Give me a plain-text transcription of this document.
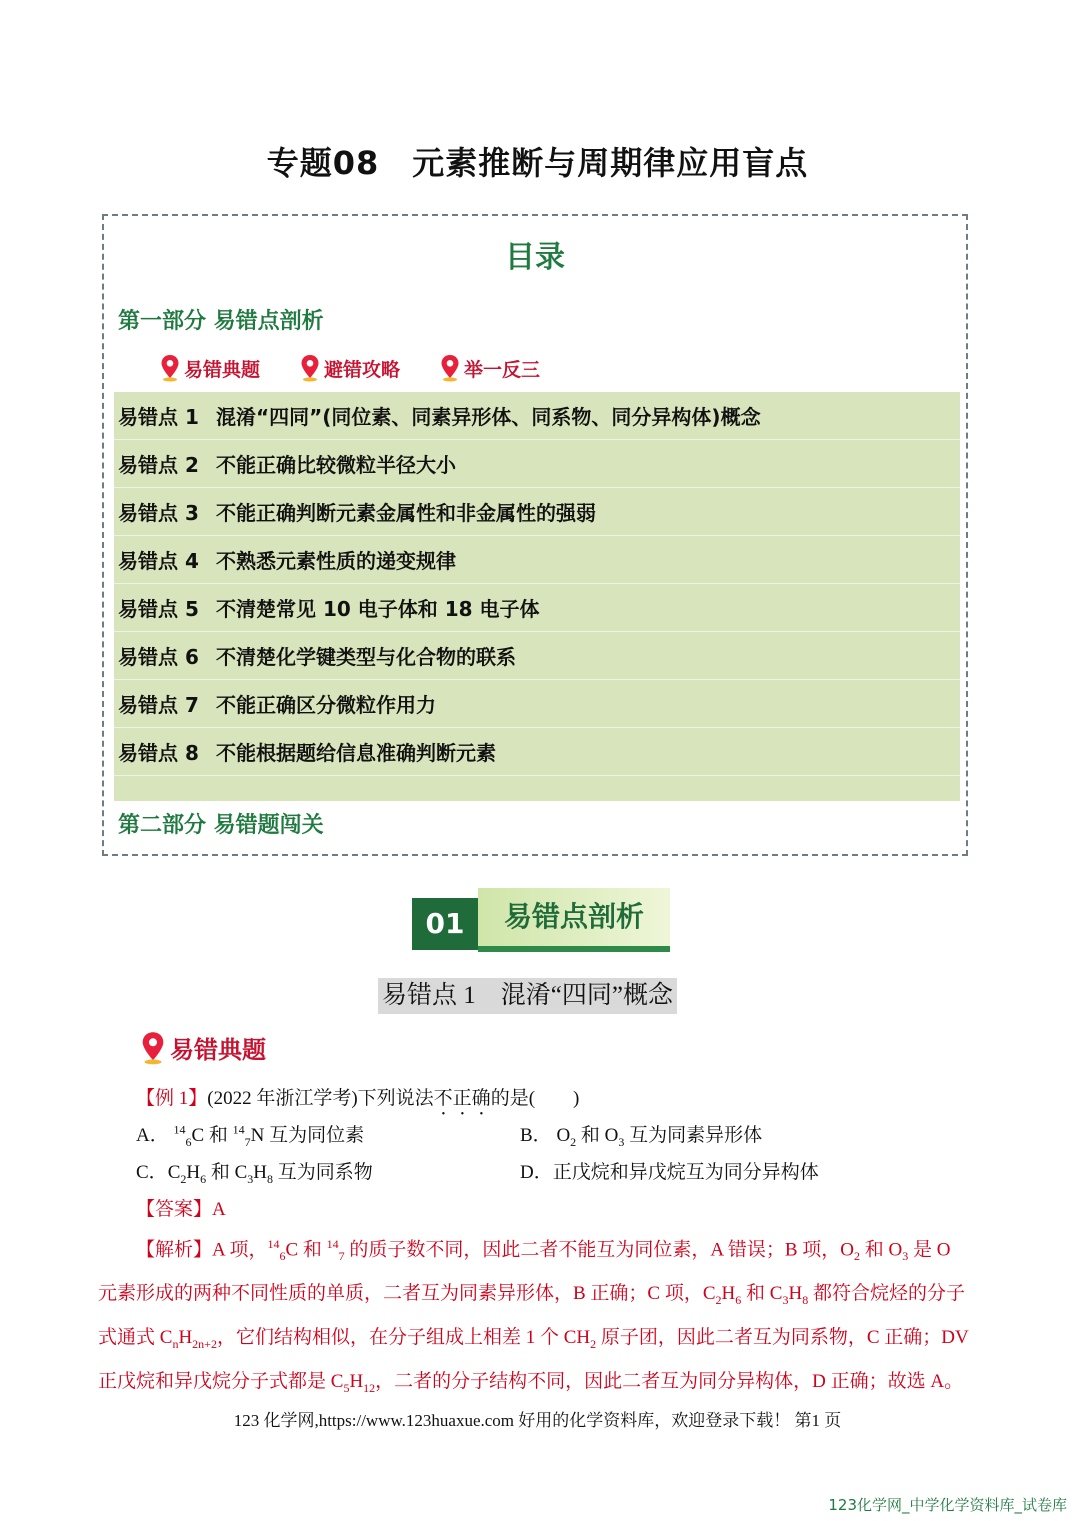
专题08　元素推断与周期律应用盲点
目录
第一部分 易错点剖析
易错典题	避错攻略	举一反三
易错点 1 混淆“四同”(同位素、同素异形体、同系物、同分异构体)概念
易错点 2 不能正确比较微粒半径大小
易错点 3 不能正确判断元素金属性和非金属性的强弱
易错点 4 不熟悉元素性质的递变规律
易错点 5 不清楚常见 10 电子体和 18 电子体
易错点 6 不清楚化学键类型与化合物的联系
易错点 7 不能正确区分微粒作用力
易错点 8 不能根据题给信息准确判断元素
第二部分 易错题闯关
01	易错点剖析
易错点 1　混淆“四同”概念
易错典题
【例 1】(2022 年浙江学考)下列说法不正确的是(　　)
A． $^{14}_6$C 和 $^{14}_7$N 互为同位素	B． $O_2$ 和 $O_3$ 互为同素异形体
C．$C_2H_6$ 和 $C_3H_8$ 互为同系物	D．正戊烷和异戊烷互为同分异构体
【答案】A
【解析】A 项，$^{14}_6$C 和 $^{14}_7$ 的质子数不同，因此二者不能互为同位素，A 错误；B 项，$O_2$ 和 $O_3$ 是 O 元素形成的两种不同性质的单质，二者互为同素异形体，B 正确；C 项，$C_2H_6$ 和 $C_3H_8$ 都符合烷烃的分子式通式 $C_nH_{2n+2}$，它们结构相似，在分子组成上相差 1 个 $CH_2$ 原子团，因此二者互为同系物，C 正确；DV 正戊烷和异戊烷分子式都是 $C_5H_{12}$，二者的分子结构不同，因此二者互为同分异构体，D 正确；故选 A。
123 化学网,https://www.123huaxue.com 好用的化学资料库，欢迎登录下载！ 第1 页
123化学网_中学化学资料库_试卷库
